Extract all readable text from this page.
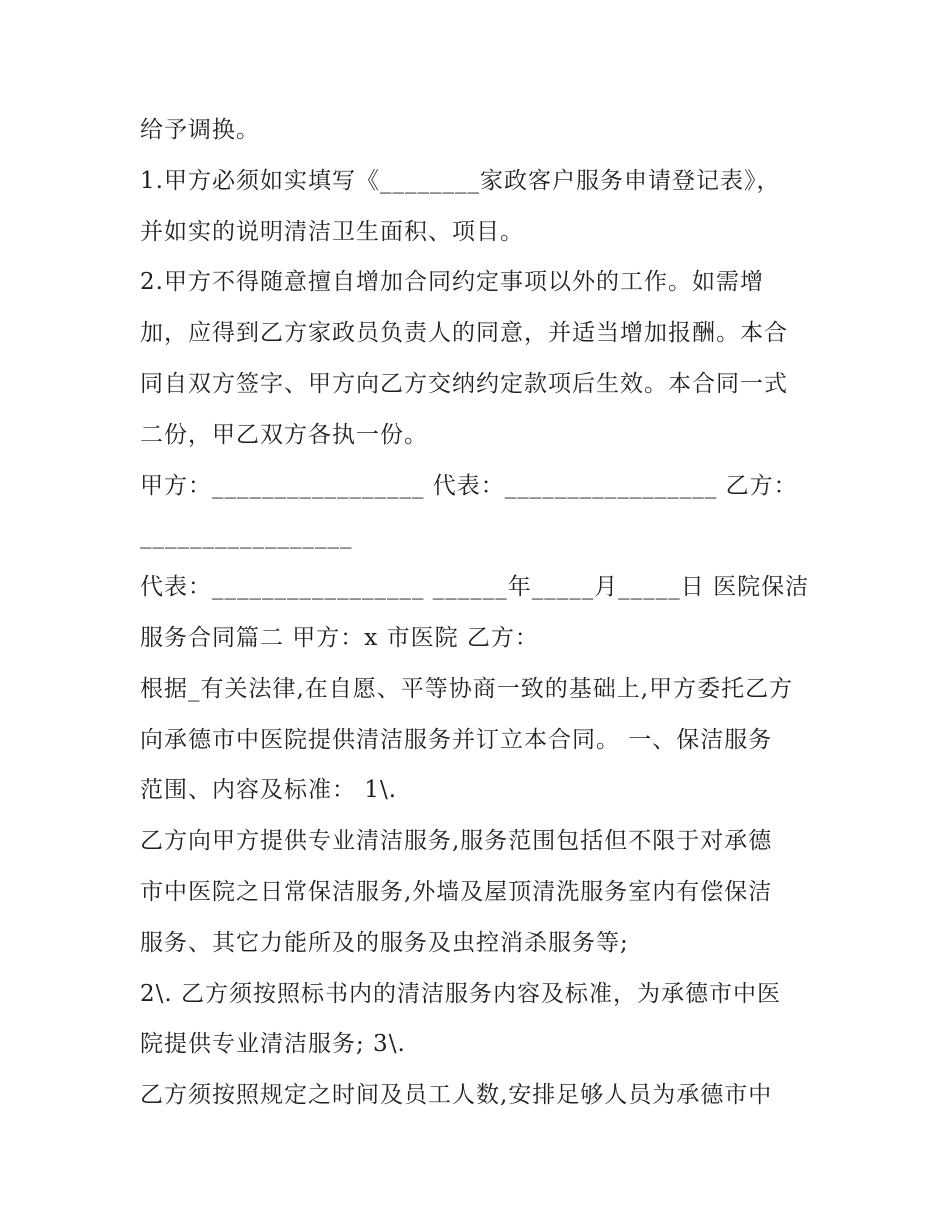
给予调换。
1.甲方必须如实填写《________家政客户服务申请登记表》，
并如实的说明清洁卫生面积、项目。
2.甲方不得随意擅自增加合同约定事项以外的工作。如需增
加，应得到乙方家政员负责人的同意，并适当增加报酬。本合
同自双方签字、甲方向乙方交纳约定款项后生效。本合同一式
二份，甲乙双方各执一份。
甲方：_________________ 代表：_________________ 乙方：
_________________
代表：_________________ ______年_____月_____日 医院保洁
服务合同篇二 甲方：x 市医院 乙方：
根据_有关法律,在自愿、平等协商一致的基础上,甲方委托乙方
向承德市中医院提供清洁服务并订立本合同。 一、保洁服务
范围、内容及标准： 1\.
乙方向甲方提供专业清洁服务,服务范围包括但不限于对承德
市中医院之日常保洁服务,外墙及屋顶清洗服务室内有偿保洁
服务、其它力能所及的服务及虫控消杀服务等;
2\. 乙方须按照标书内的清洁服务内容及标准，为承德市中医
院提供专业清洁服务; 3\.
乙方须按照规定之时间及员工人数,安排足够人员为承德市中
